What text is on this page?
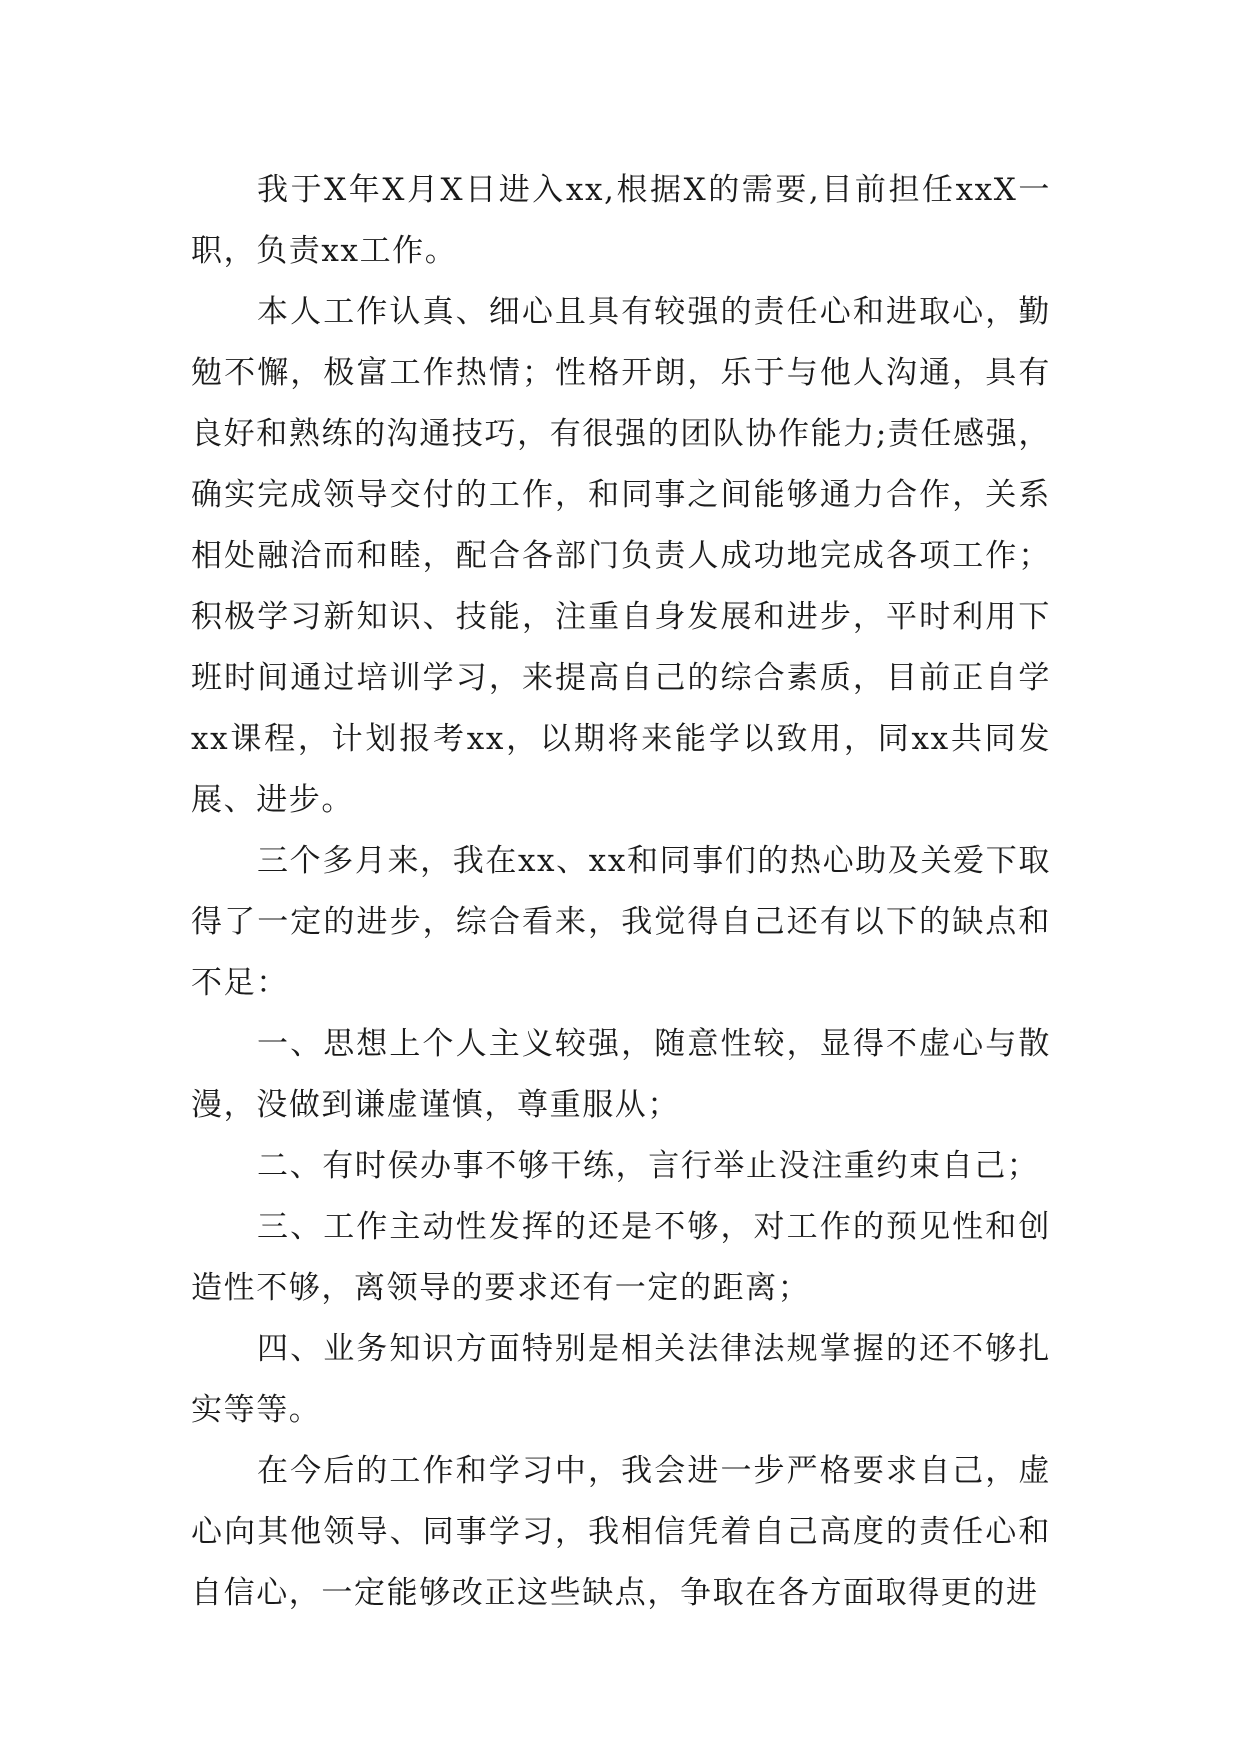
我于X年X月X日进入xx,根据X的需要,目前担任xxX一职，负责xx工作。

本人工作认真、细心且具有较强的责任心和进取心，勤勉不懈，极富工作热情；性格开朗，乐于与他人沟通，具有良好和熟练的沟通技巧，有很强的团队协作能力;责任感强，确实完成领导交付的工作，和同事之间能够通力合作，关系相处融洽而和睦，配合各部门负责人成功地完成各项工作；积极学习新知识、技能，注重自身发展和进步，平时利用下班时间通过培训学习，来提高自己的综合素质，目前正自学xx课程，计划报考xx，以期将来能学以致用，同xx共同发展、进步。

三个多月来，我在xx、xx和同事们的热心助及关爱下取得了一定的进步，综合看来，我觉得自己还有以下的缺点和不足：

一、思想上个人主义较强，随意性较，显得不虚心与散漫，没做到谦虚谨慎，尊重服从；

二、有时侯办事不够干练，言行举止没注重约束自己；

三、工作主动性发挥的还是不够，对工作的预见性和创造性不够，离领导的要求还有一定的距离；

四、业务知识方面特别是相关法律法规掌握的还不够扎实等等。

在今后的工作和学习中，我会进一步严格要求自己，虚心向其他领导、同事学习，我相信凭着自己高度的责任心和自信心，一定能够改正这些缺点，争取在各方面取得更的进
